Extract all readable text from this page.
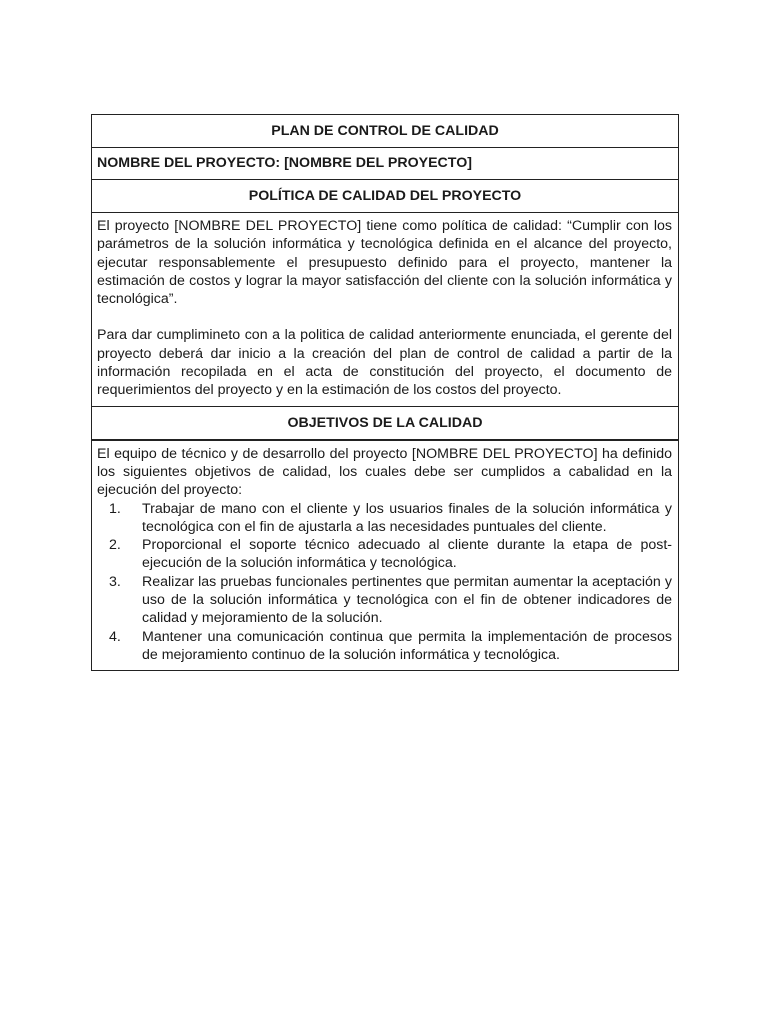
PLAN DE CONTROL DE CALIDAD
NOMBRE DEL PROYECTO: [NOMBRE DEL PROYECTO]
POLÍTICA DE CALIDAD DEL PROYECTO

El proyecto [NOMBRE DEL PROYECTO] tiene como política de calidad: “Cumplir con los parámetros de la solución informática y tecnológica definida en el alcance del proyecto, ejecutar responsablemente el presupuesto definido para el proyecto, mantener la estimación de costos y lograr la mayor satisfacción del cliente con la solución informática y tecnológica”.

Para dar cumplimineto con a la politica de calidad anteriormente enunciada, el gerente del proyecto deberá dar inicio a la creación del plan de control de calidad a partir de la información recopilada en el acta de constitución del proyecto, el documento de requerimientos del proyecto y en la estimación de los costos del proyecto.

OBJETIVOS DE LA CALIDAD

El equipo de técnico y de desarrollo del proyecto [NOMBRE DEL PROYECTO] ha definido los siguientes objetivos de calidad, los cuales debe ser cumplidos a cabalidad en la ejecución del proyecto:

1. Trabajar de mano con el cliente y los usuarios finales de la solución informática y tecnológica con el fin de ajustarla a las necesidades puntuales del cliente.
2. Proporcional el soporte técnico adecuado al cliente durante la etapa de post-ejecución de la solución informática y tecnológica.
3. Realizar las pruebas funcionales pertinentes que permitan aumentar la aceptación y uso de la solución informática y tecnológica con el fin de obtener indicadores de calidad y mejoramiento de la solución.
4. Mantener una comunicación continua que permita la implementación de procesos de mejoramiento continuo de la solución informática y tecnológica.
